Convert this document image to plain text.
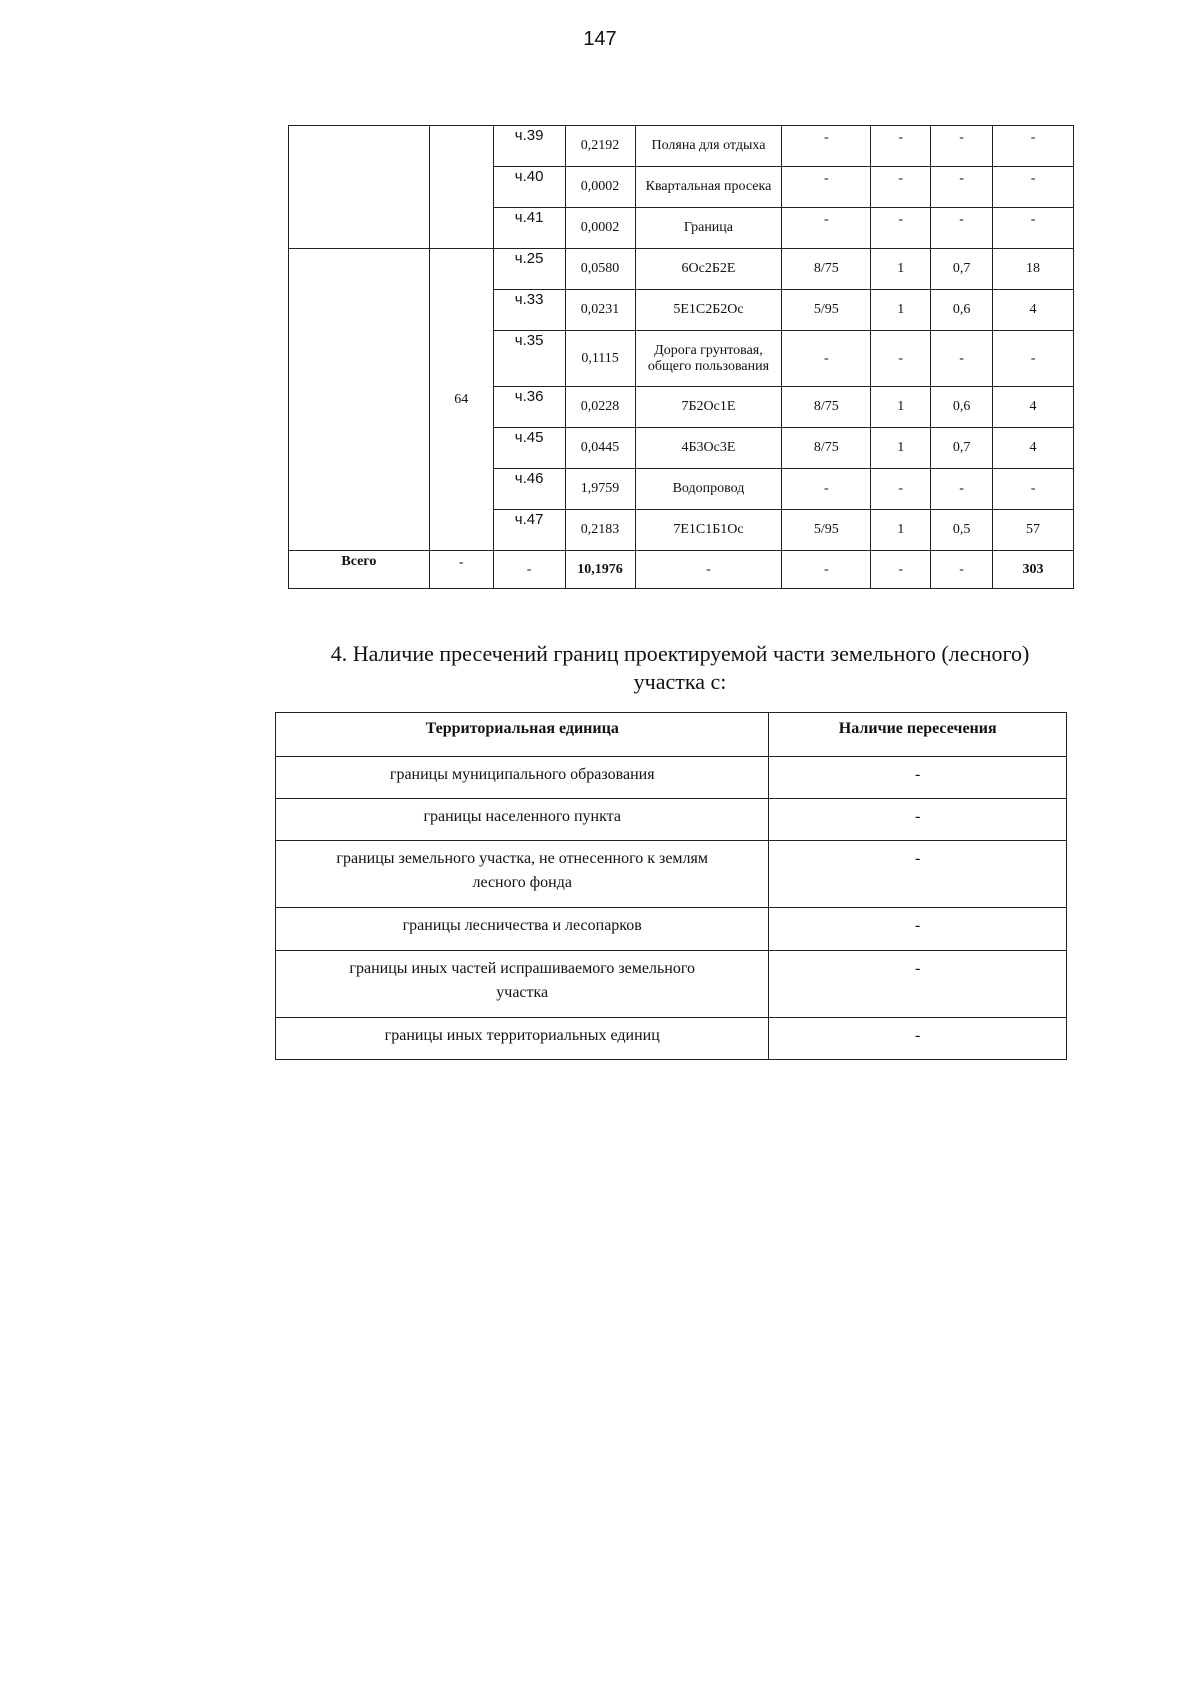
147
		ч.39	0,2192	Поляна для отдыха	-	-	-	-
		ч.40	0,0002	Квартальная просека	-	-	-	-
		ч.41	0,0002	Граница	-	-	-	-
	64	ч.25	0,0580	6Ос2Б2Е	8/75	1	0,7	18
		ч.33	0,0231	5Е1С2Б2Ос	5/95	1	0,6	4
		ч.35	0,1115	Дорога грунтовая, общего пользования	-	-	-	-
		ч.36	0,0228	7Б2Ос1Е	8/75	1	0,6	4
		ч.45	0,0445	4Б3Ос3Е	8/75	1	0,7	4
		ч.46	1,9759	Водопровод	-	-	-	-
		ч.47	0,2183	7Е1С1Б1Ос	5/95	1	0,5	57
Всего	-	-	10,1976	-	-	-	-	303
4. Наличие пресечений границ проектируемой части земельного (лесного)
участка с:
Территориальная единица	Наличие пересечения
границы муниципального образования	-
границы населенного пункта	-
границы земельного участка, не отнесенного к землям лесного фонда	-
границы лесничества и лесопарков	-
границы иных частей испрашиваемого земельного участка	-
границы иных территориальных единиц	-
